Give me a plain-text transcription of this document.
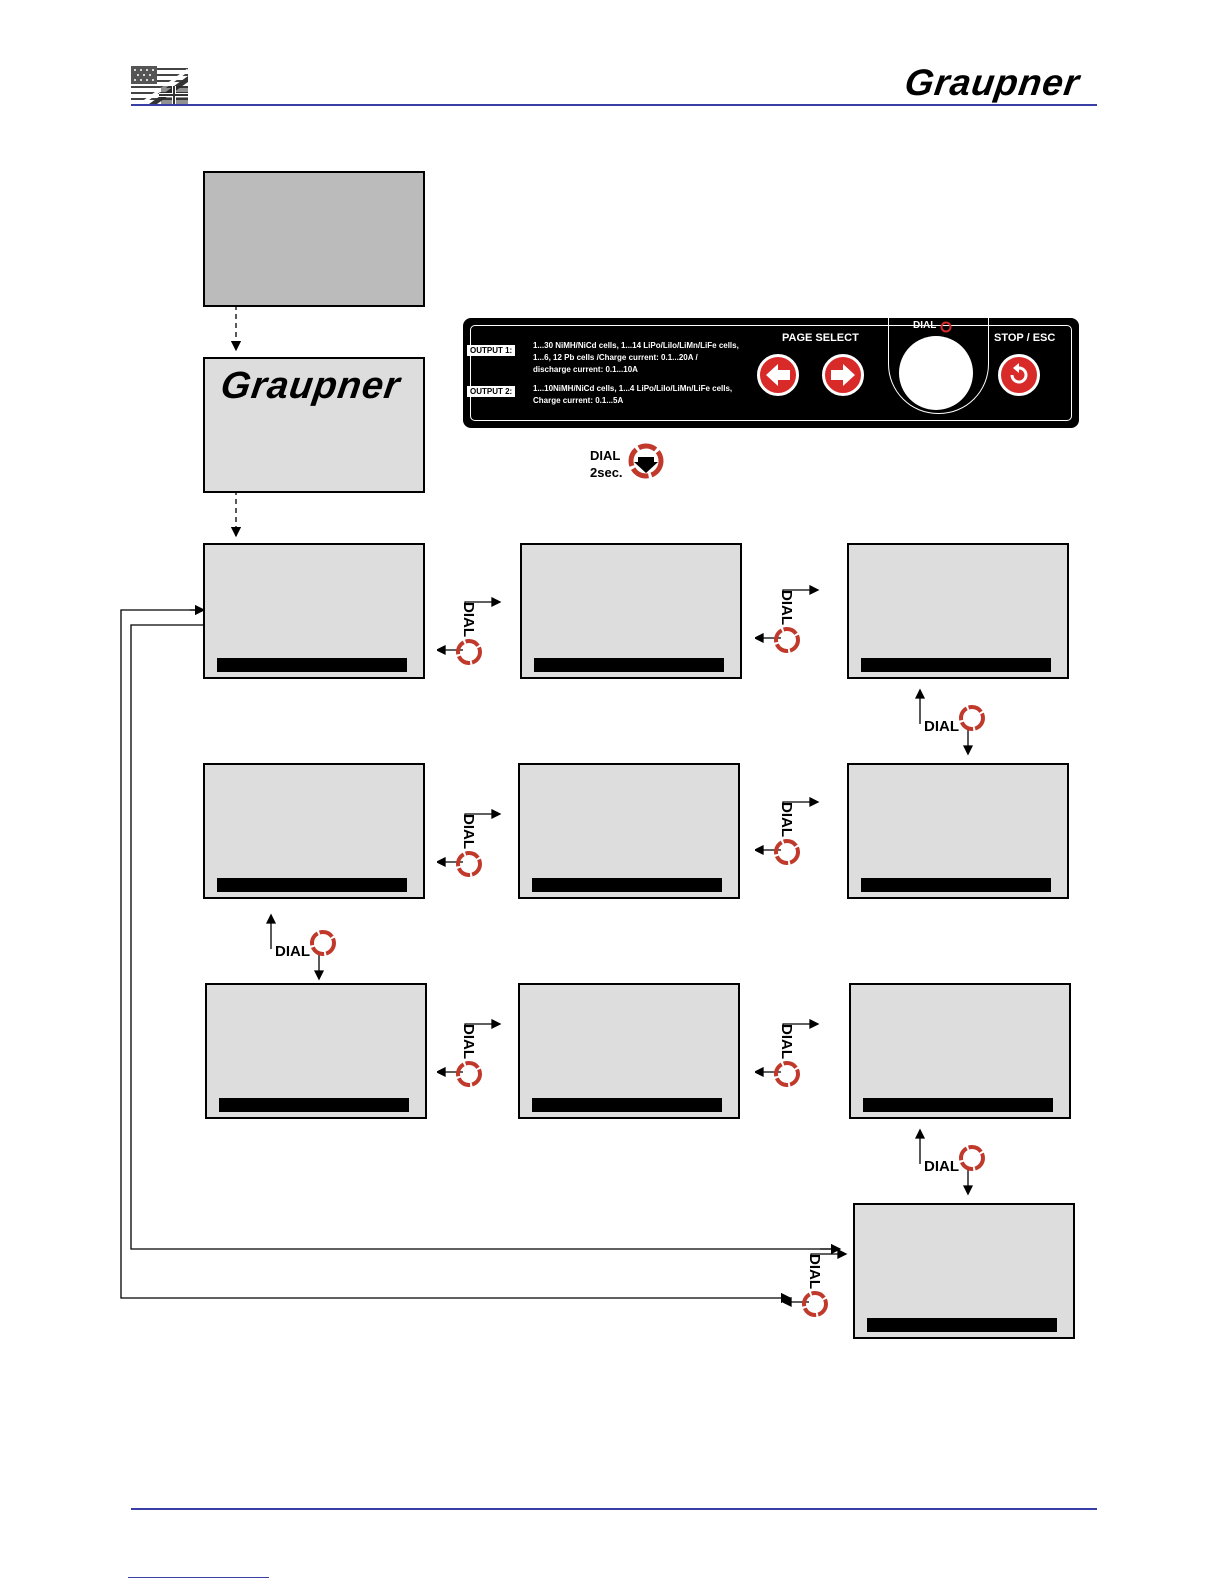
Graupner
Graupner
OUTPUT 1:
1...30 NiMH/NiCd cells, 1...14 LiPo/LiIo/LiMn/LiFe cells,
1...6, 12 Pb cells /Charge current: 0.1...20A /
discharge current: 0.1...10A
OUTPUT 2:	1...10NiMH/NiCd cells, 1...4 LiPo/LiIo/LiMn/LiFe cells,
Charge current: 0.1...5A
PAGE SELECT
DIAL
STOP / ESC
DIAL
2sec.
DIAL	DIAL
DIAL	DIAL
DIAL	DIAL
DIAL
DIAL
DIAL
DIAL
